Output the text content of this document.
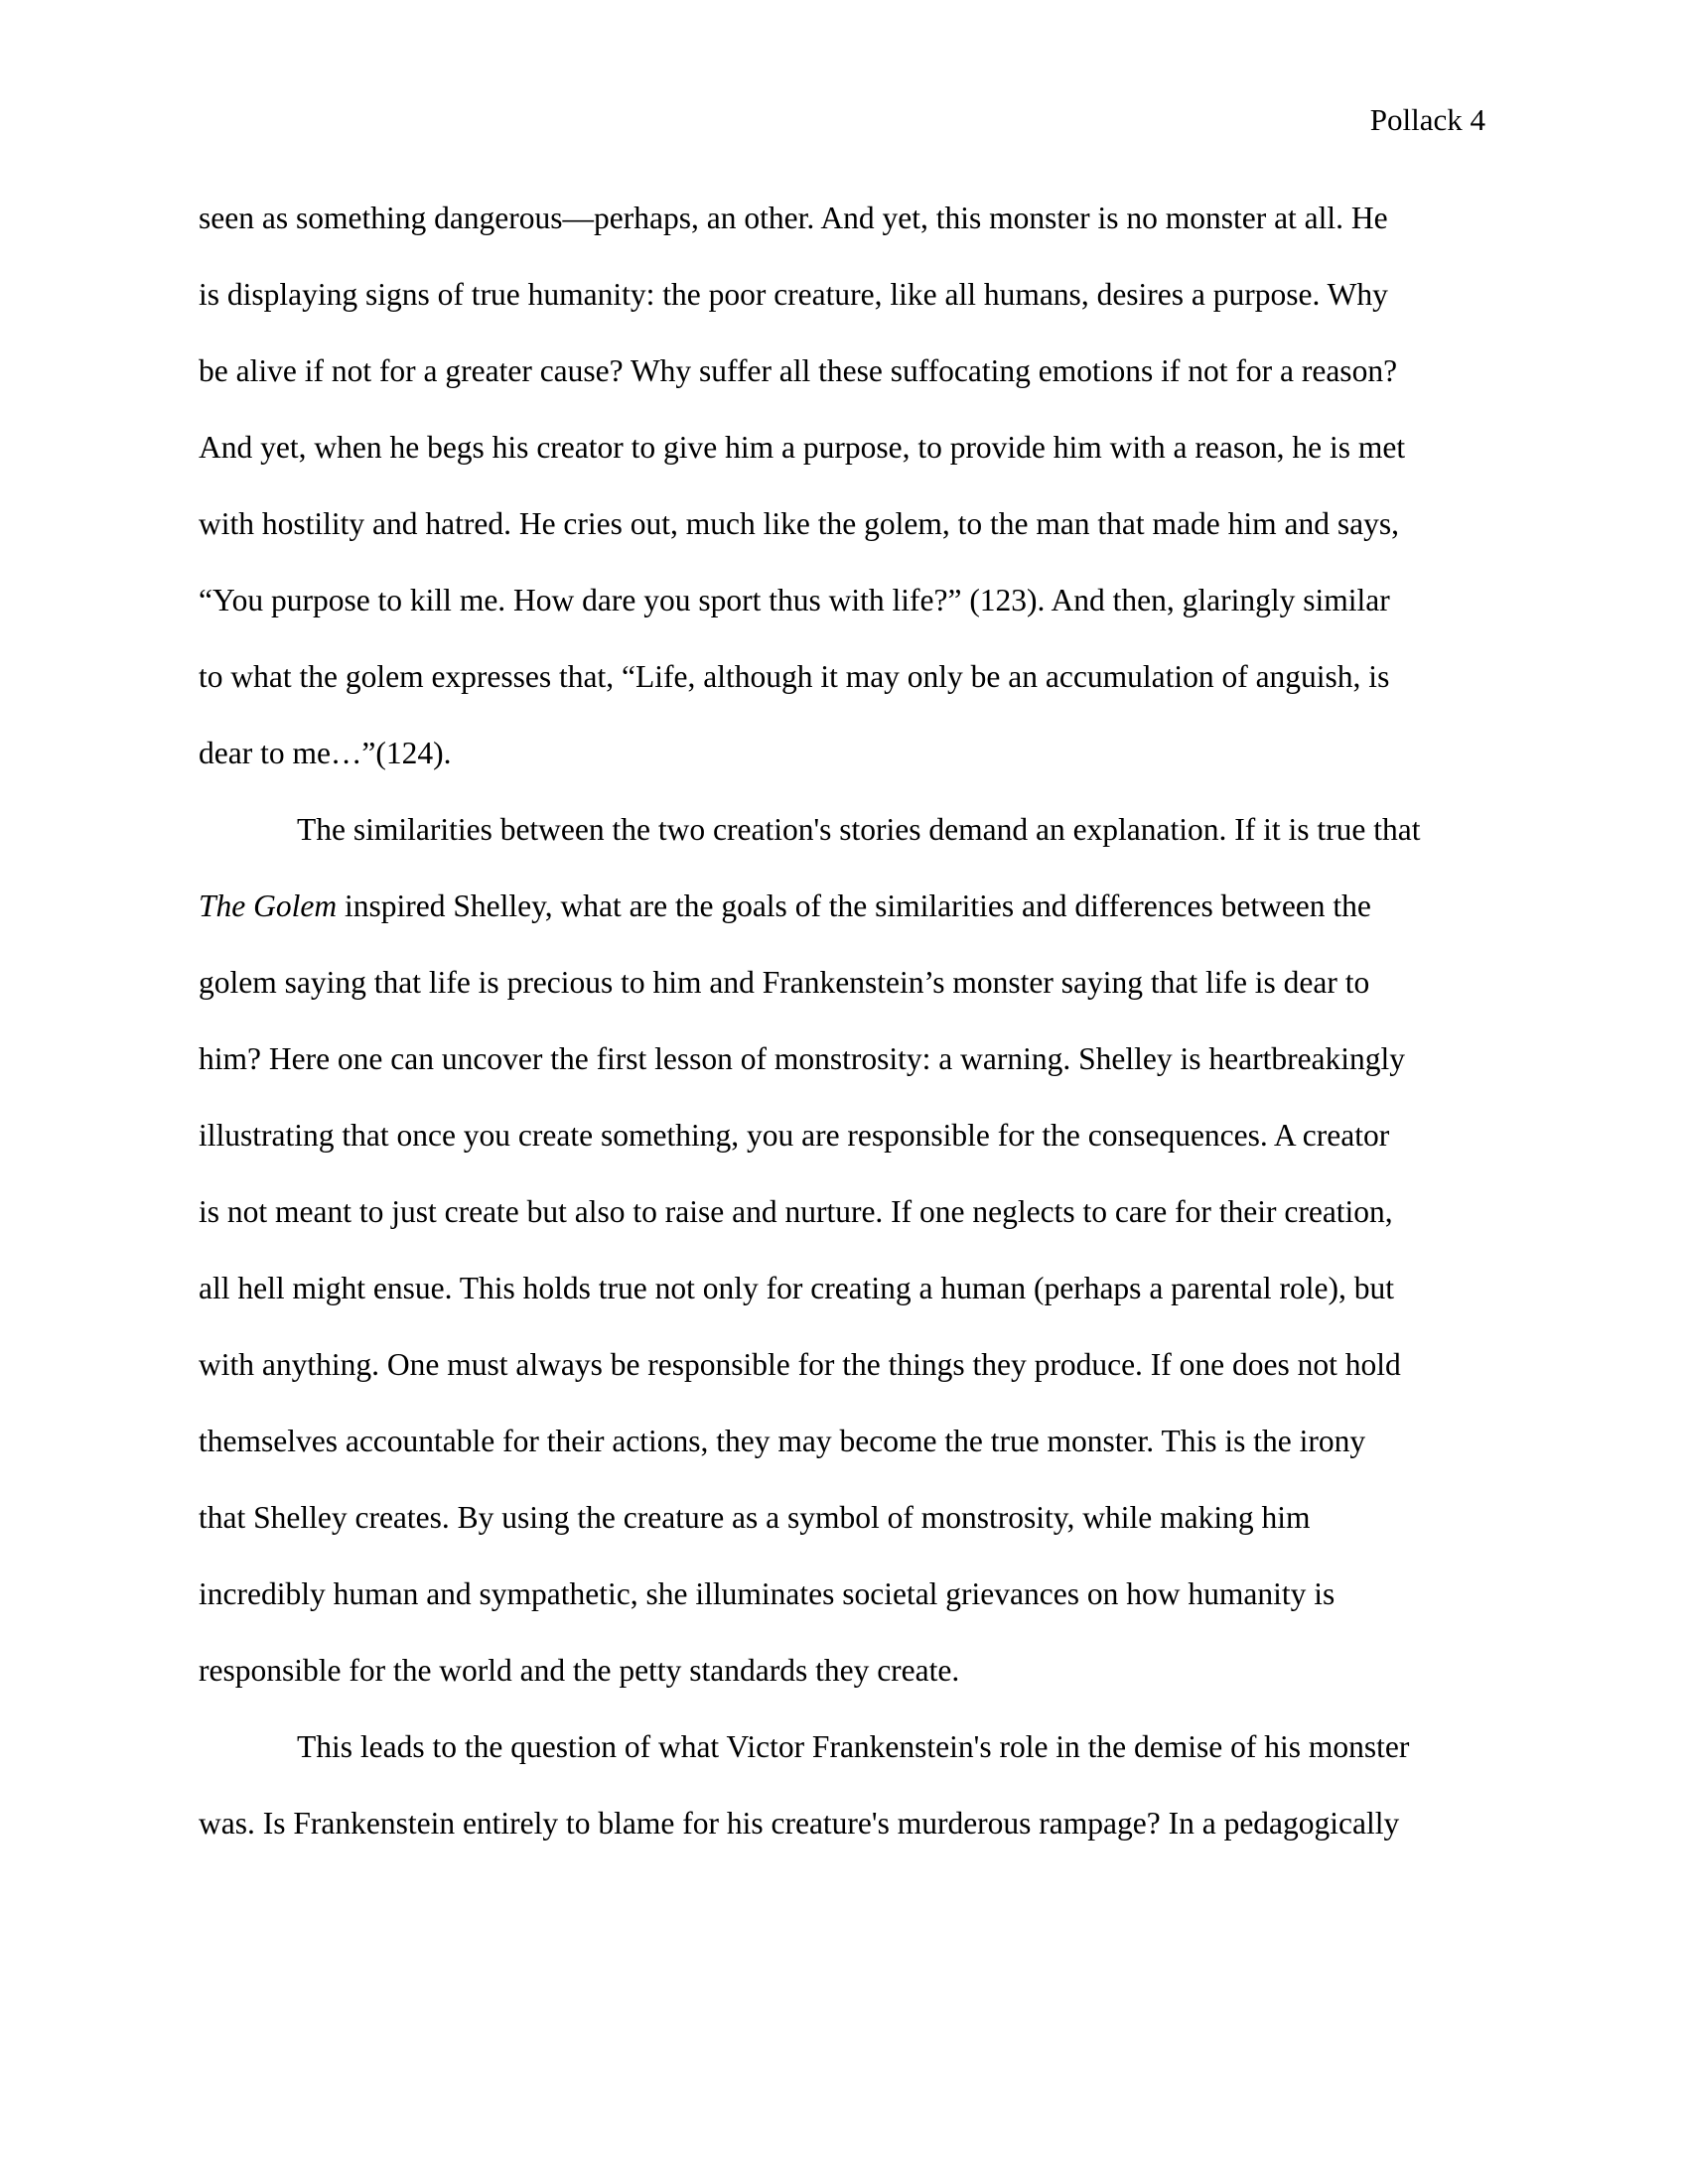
Pollack 4
seen as something dangerous—perhaps, an other. And yet, this monster is no monster at all. He
is displaying signs of true humanity: the poor creature, like all humans, desires a purpose. Why
be alive if not for a greater cause? Why suffer all these suffocating emotions if not for a reason?
And yet, when he begs his creator to give him a purpose, to provide him with a reason, he is met
with hostility and hatred. He cries out, much like the golem, to the man that made him and says,
“You purpose to kill me. How dare you sport thus with life?” (123). And then, glaringly similar
to what the golem expresses that, “Life, although it may only be an accumulation of anguish, is
dear to me…”(124).
The similarities between the two creation's stories demand an explanation. If it is true that
The Golem inspired Shelley, what are the goals of the similarities and differences between the
golem saying that life is precious to him and Frankenstein’s monster saying that life is dear to
him? Here one can uncover the first lesson of monstrosity: a warning. Shelley is heartbreakingly
illustrating that once you create something, you are responsible for the consequences. A creator
is not meant to just create but also to raise and nurture. If one neglects to care for their creation,
all hell might ensue. This holds true not only for creating a human (perhaps a parental role), but
with anything. One must always be responsible for the things they produce. If one does not hold
themselves accountable for their actions, they may become the true monster. This is the irony
that Shelley creates. By using the creature as a symbol of monstrosity, while making him
incredibly human and sympathetic, she illuminates societal grievances on how humanity is
responsible for the world and the petty standards they create.
This leads to the question of what Victor Frankenstein's role in the demise of his monster
was. Is Frankenstein entirely to blame for his creature's murderous rampage? In a pedagogically
